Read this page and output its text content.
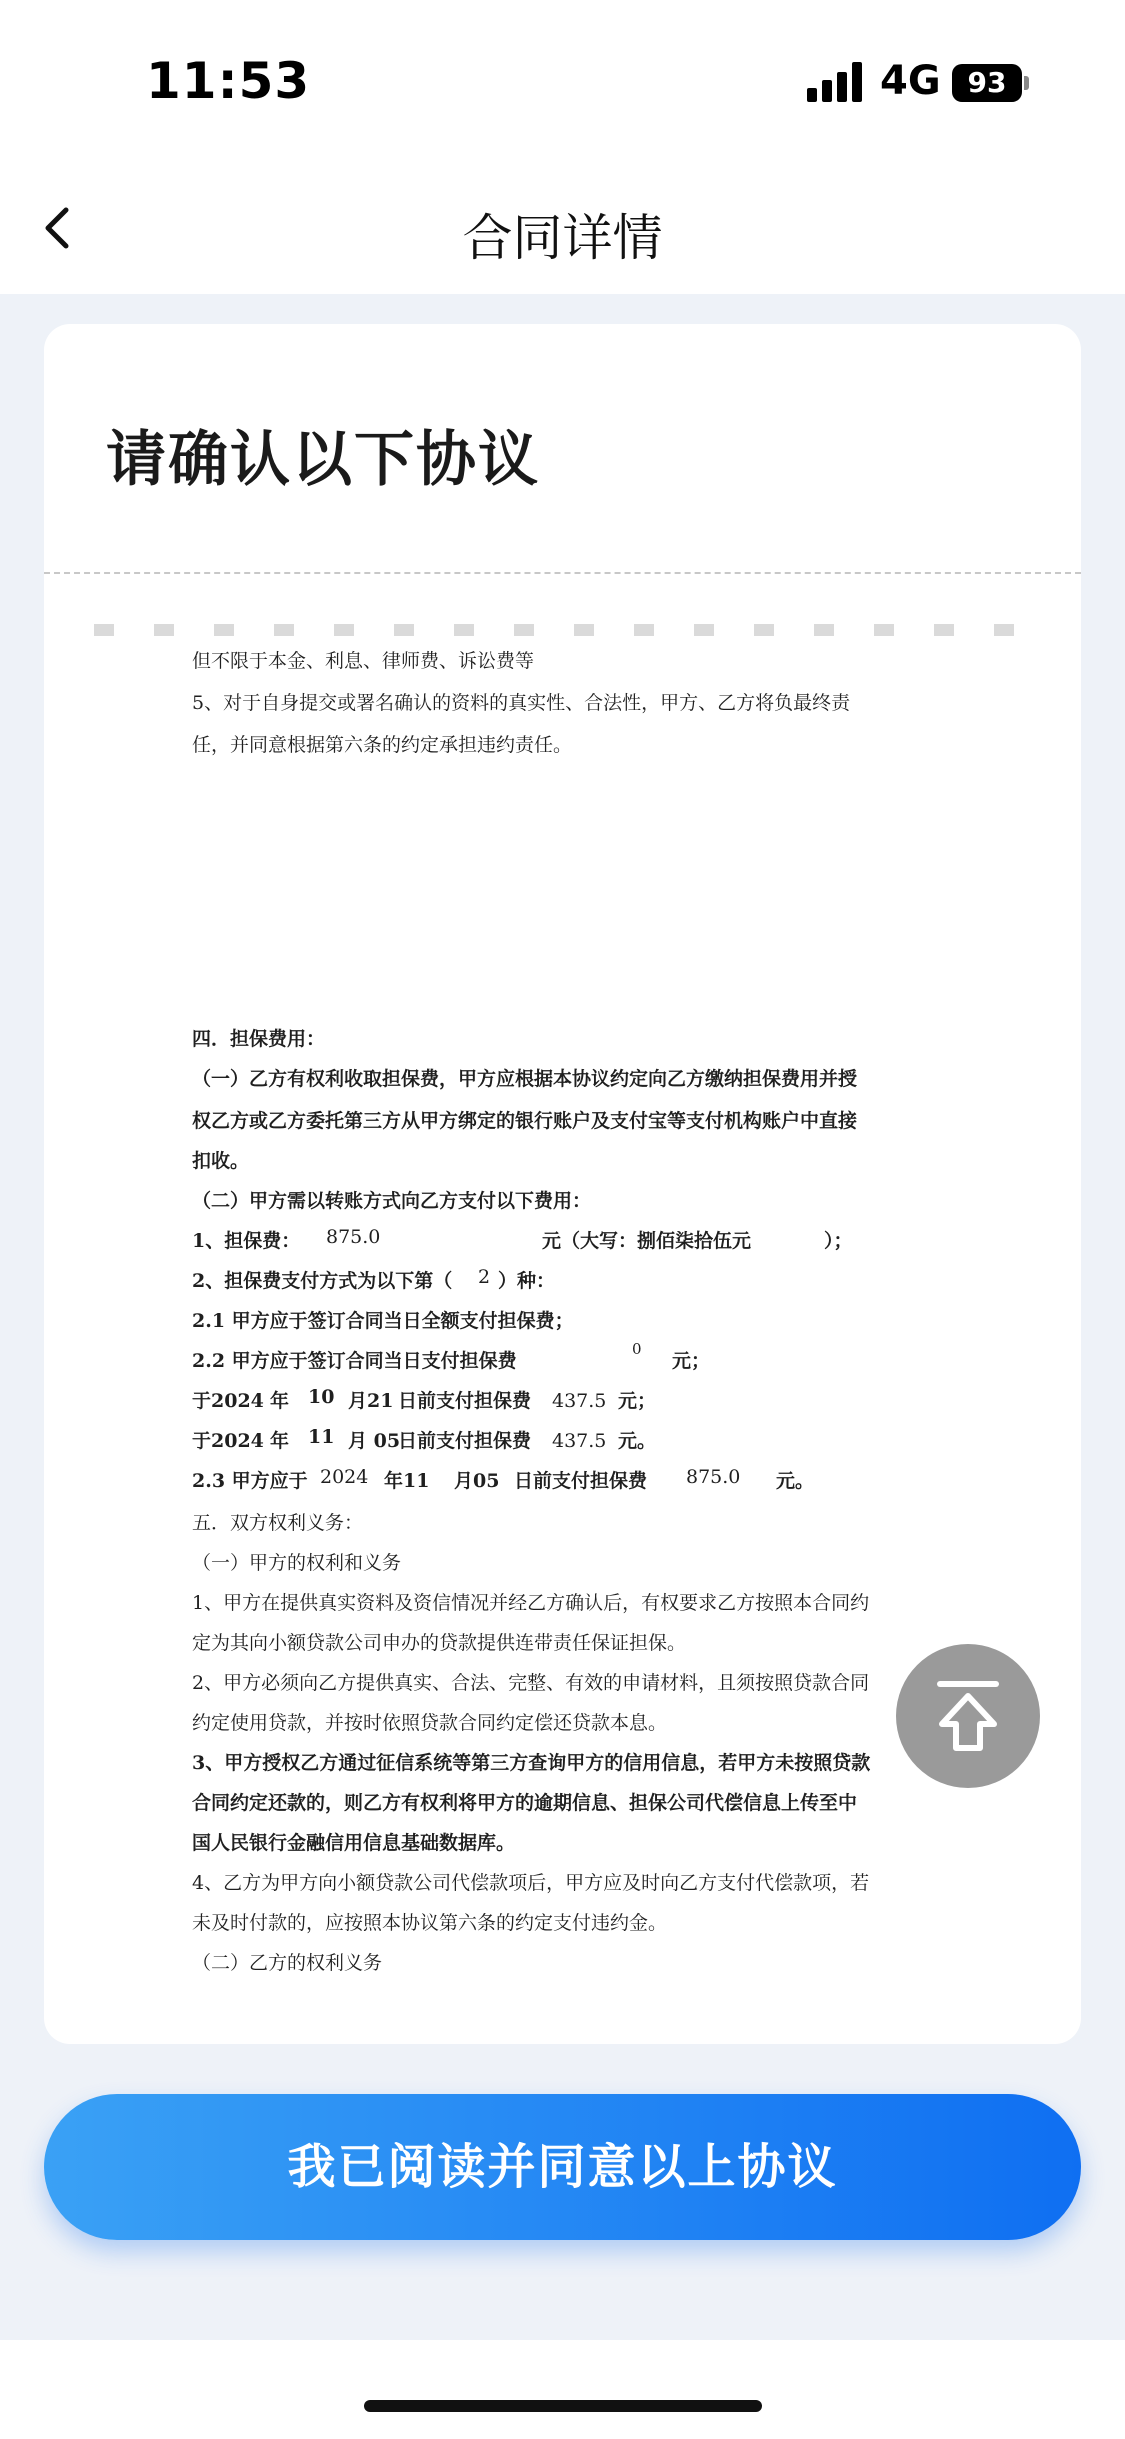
11:53	4G 93
合同详情
请确认以下协议

但不限于本金、利息、律师费、诉讼费等

5、对于自身提交或署名确认的资料的真实性、合法性，甲方、乙方将负最终责

任，并同意根据第六条的约定承担违约责任。

四．担保费用：

（一）乙方有权利收取担保费，甲方应根据本协议约定向乙方缴纳担保费用并授

权乙方或乙方委托第三方从甲方绑定的银行账户及支付宝等支付机构账户中直接

扣收。

（二）甲方需以转账方式向乙方支付以下费用：

1、担保费： 875.0	元（大写：捌佰柒拾伍元	）；

2、担保费支付方式为以下第（ 2 ）种：

2.1 甲方应于签订合同当日全额支付担保费；

2.2 甲方应于签订合同当日支付担保费

0

元；

于2024 年 10 月21 日前支付担保费 437.5 元；

于2024 年 11 月 05

日前支付担保费 437.5 元。

2.3 甲方应于 2024 年11 月05 日前支付担保费 875.0 元。

五．双方权利义务：

（一）甲方的权利和义务

1、甲方在提供真实资料及资信情况并经乙方确认后，有权要求乙方按照本合同约

定为其向小额贷款公司申办的贷款提供连带责任保证担保。

2、甲方必须向乙方提供真实、合法、完整、有效的申请材料，且须按照贷款合同

约定使用贷款，并按时依照贷款合同约定偿还贷款本息。

3、甲方授权乙方通过征信系统等第三方查询甲方的信用信息，若甲方未按照贷款

合同约定还款的，则乙方有权利将甲方的逾期信息、担保公司代偿信息上传至中

国人民银行金融信用信息基础数据库。

4、乙方为甲方向小额贷款公司代偿款项后，甲方应及时向乙方支付代偿款项，若

未及时付款的，应按照本协议第六条的约定支付违约金。

（二）乙方的权利义务

我已阅读并同意以上协议
